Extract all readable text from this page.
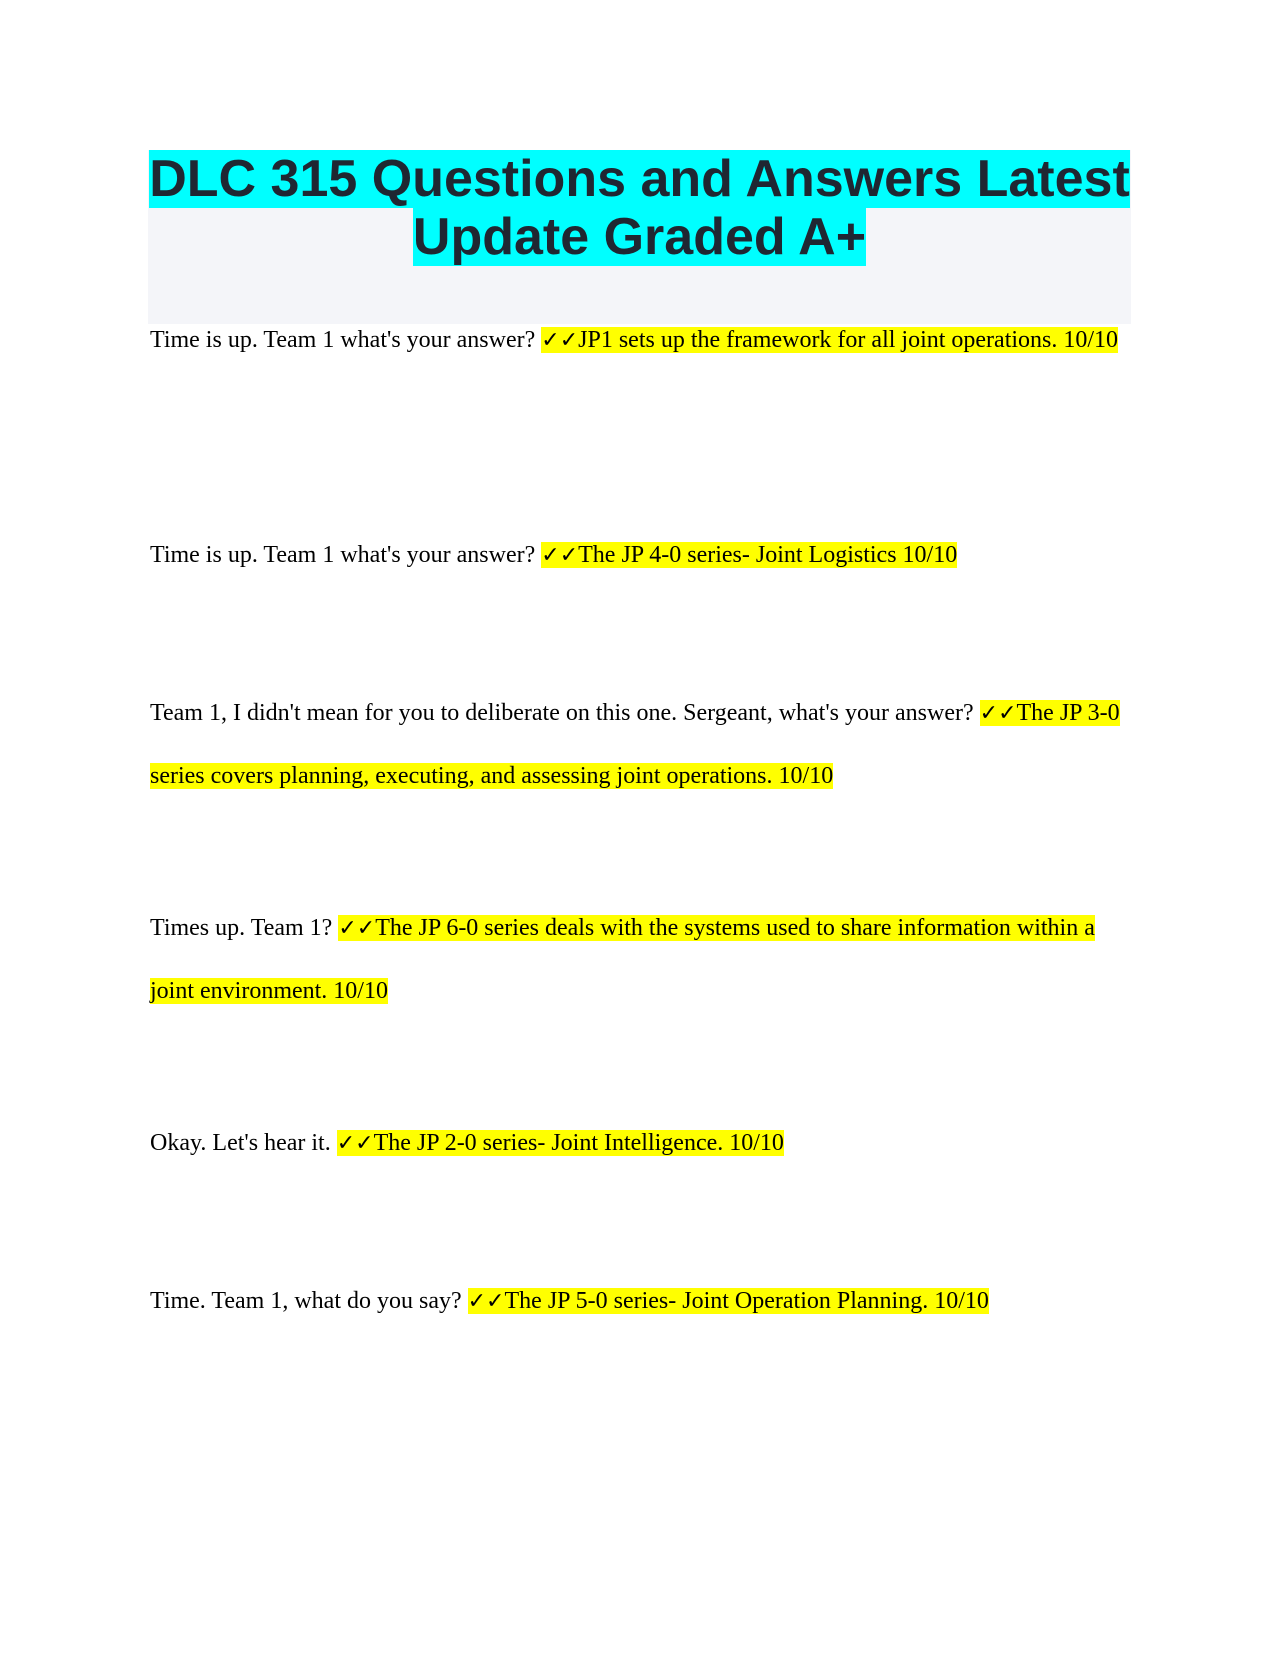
DLC 315 Questions and Answers Latest
Update Graded A+

Time is up. Team 1 what's your answer? ✓✓JP1 sets up the framework for all joint operations. 10/10

Time is up. Team 1 what's your answer? ✓✓The JP 4-0 series- Joint Logistics 10/10

Team 1, I didn't mean for you to deliberate on this one. Sergeant, what's your answer? ✓✓The JP 3-0 series covers planning, executing, and assessing joint operations. 10/10

Times up. Team 1? ✓✓The JP 6-0 series deals with the systems used to share information within a joint environment. 10/10

Okay. Let's hear it. ✓✓The JP 2-0 series- Joint Intelligence. 10/10

Time. Team 1, what do you say? ✓✓The JP 5-0 series- Joint Operation Planning. 10/10
